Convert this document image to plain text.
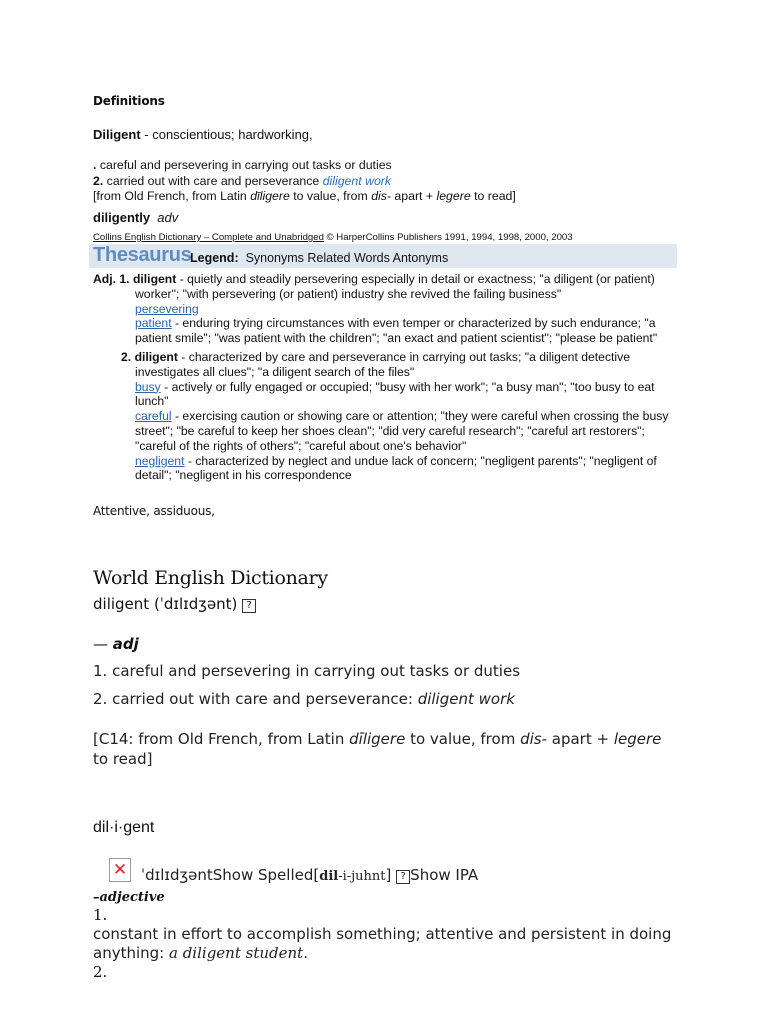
Definitions
Diligent - conscientious; hardworking,
. careful and persevering in carrying out tasks or duties
2. carried out with care and perseverance diligent work
[from Old French, from Latin dīligere to value, from dis- apart + legere to read]
diligently adv
Collins English Dictionary – Complete and Unabridged © HarperCollins Publishers 1991, 1994, 1998, 2000, 2003
Thesaurus
Legend: Synonyms Related Words Antonyms

Adj. 1. diligent - quietly and steadily persevering especially in detail or exactness; "a diligent (or patient) worker"; "with persevering (or patient) industry she revived the failing business"

persevering

patient - enduring trying circumstances with even temper or characterized by such endurance; "a patient smile"; "was patient with the children"; "an exact and patient scientist"; "please be patient"

2. diligent - characterized by care and perseverance in carrying out tasks; "a diligent detective investigates all clues"; "a diligent search of the files"

busy - actively or fully engaged or occupied; "busy with her work"; "a busy man"; "too busy to eat lunch"

careful - exercising caution or showing care or attention; "they were careful when crossing the busy street"; "be careful to keep her shoes clean"; "did very careful research"; "careful art restorers"; "careful of the rights of others"; "careful about one's behavior"

negligent - characterized by neglect and undue lack of concern; "negligent parents"; "negligent of detail"; "negligent in his correspondence

Attentive, assiduous,
World English Dictionary
diligent (ˈdɪlɪdʒənt) ?
— adj
1. careful and persevering in carrying out tasks or duties
2. carried out with care and perseverance: diligent work
[C14: from Old French, from Latin dīligere to value, from dis- apart + legere to read]
dil·i·gent
✕ ˈdɪlɪdʒəntShow Spelled[dil-i-juhnt] ? Show IPA
–adjective
1.
constant in effort to accomplish something; attentive and persistent in doing anything: a diligent student.
2.
